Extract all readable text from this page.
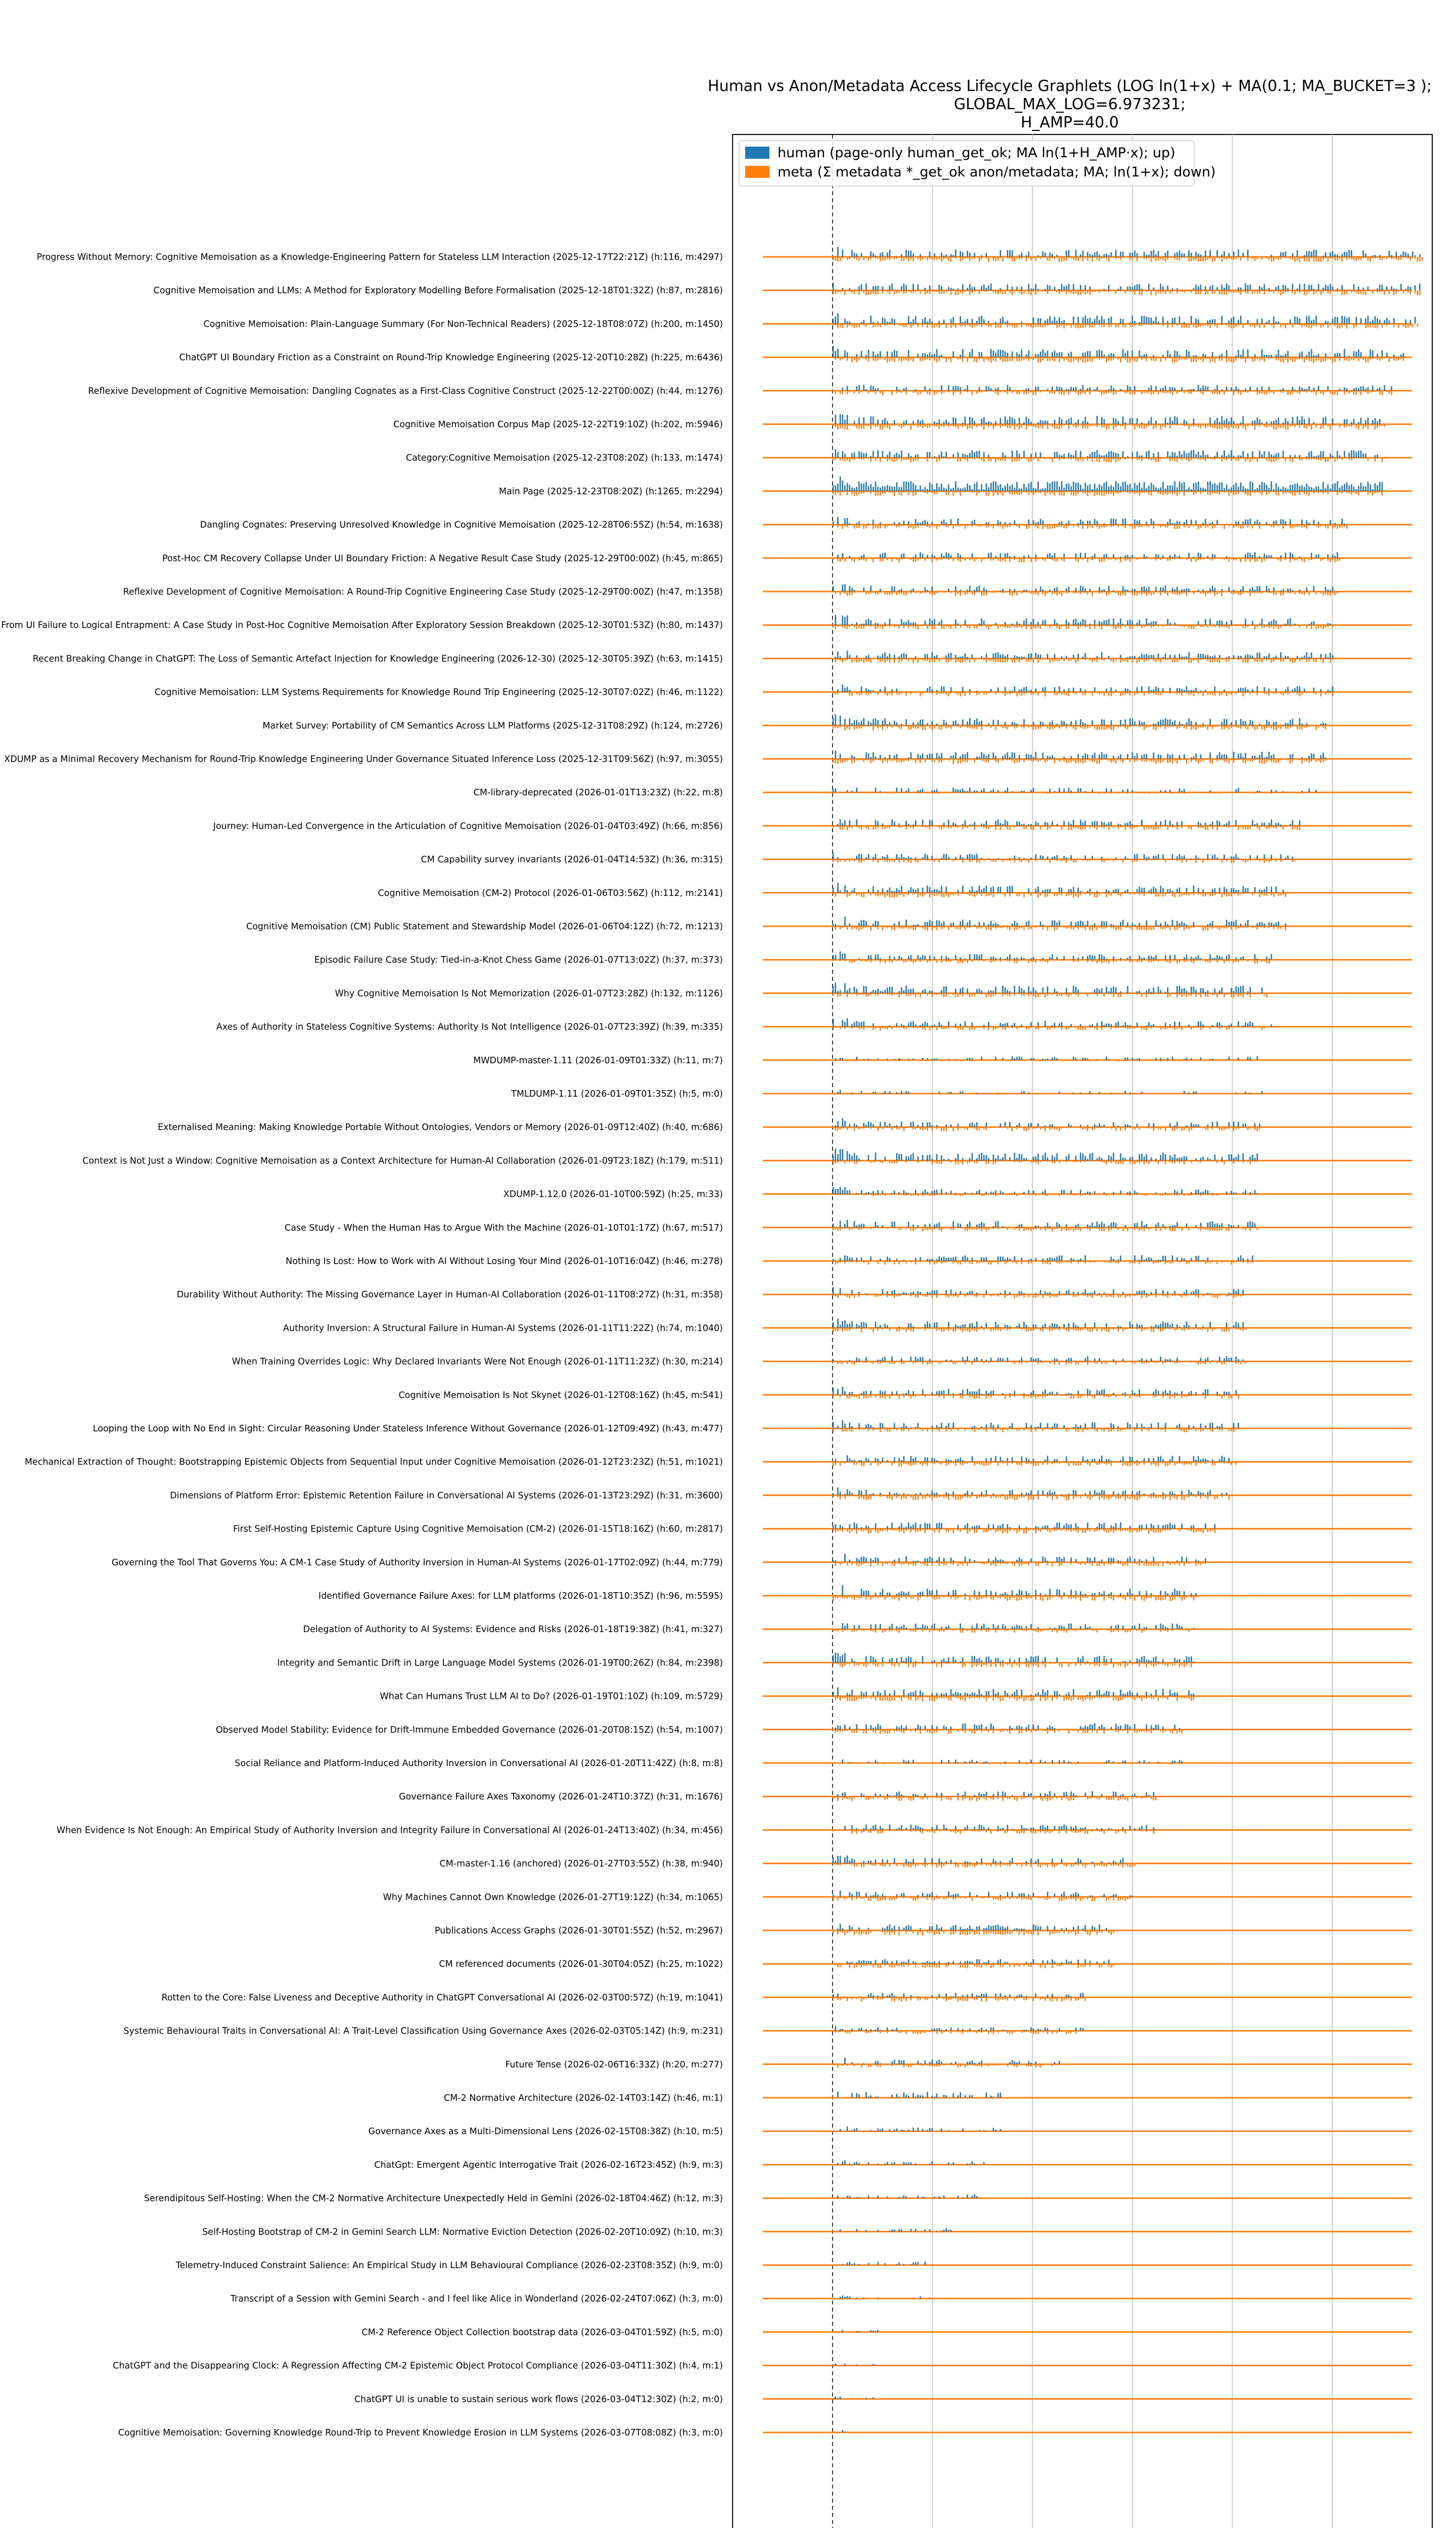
Human vs Anon/Metadata Access Lifecycle Graphlets (LOG ln(1+x) + MA(0.1; MA_BUCKET=3 );
GLOBAL_MAX_LOG=6.973231;
H_AMP=40.0
Progress Without Memory: Cognitive Memoisation as a Knowledge-Engineering Pattern for Stateless LLM Interaction (2025-12-17T22:21Z) (h:116, m:4297)
Cognitive Memoisation and LLMs: A Method for Exploratory Modelling Before Formalisation (2025-12-18T01:32Z) (h:87, m:2816)
Cognitive Memoisation: Plain-Language Summary (For Non-Technical Readers) (2025-12-18T08:07Z) (h:200, m:1450)
ChatGPT UI Boundary Friction as a Constraint on Round-Trip Knowledge Engineering (2025-12-20T10:28Z) (h:225, m:6436)
Reflexive Development of Cognitive Memoisation: Dangling Cognates as a First-Class Cognitive Construct (2025-12-22T00:00Z) (h:44, m:1276)
Cognitive Memoisation Corpus Map (2025-12-22T19:10Z) (h:202, m:5946)
Category:Cognitive Memoisation (2025-12-23T08:20Z) (h:133, m:1474)
Main Page (2025-12-23T08:20Z) (h:1265, m:2294)
Dangling Cognates: Preserving Unresolved Knowledge in Cognitive Memoisation (2025-12-28T06:55Z) (h:54, m:1638)
Post-Hoc CM Recovery Collapse Under UI Boundary Friction: A Negative Result Case Study (2025-12-29T00:00Z) (h:45, m:865)
Reflexive Development of Cognitive Memoisation: A Round-Trip Cognitive Engineering Case Study (2025-12-29T00:00Z) (h:47, m:1358)
From UI Failure to Logical Entrapment: A Case Study in Post-Hoc Cognitive Memoisation After Exploratory Session Breakdown (2025-12-30T01:53Z) (h:80, m:1437)
Recent Breaking Change in ChatGPT: The Loss of Semantic Artefact Injection for Knowledge Engineering (2026-12-30) (2025-12-30T05:39Z) (h:63, m:1415)
Cognitive Memoisation: LLM Systems Requirements for Knowledge Round Trip Engineering (2025-12-30T07:02Z) (h:46, m:1122)
Market Survey: Portability of CM Semantics Across LLM Platforms (2025-12-31T08:29Z) (h:124, m:2726)
XDUMP as a Minimal Recovery Mechanism for Round-Trip Knowledge Engineering Under Governance Situated Inference Loss (2025-12-31T09:56Z) (h:97, m:3055)
CM-library-deprecated (2026-01-01T13:23Z) (h:22, m:8)
Journey: Human-Led Convergence in the Articulation of Cognitive Memoisation (2026-01-04T03:49Z) (h:66, m:856)
CM Capability survey invariants (2026-01-04T14:53Z) (h:36, m:315)
Cognitive Memoisation (CM-2) Protocol (2026-01-06T03:56Z) (h:112, m:2141)
Cognitive Memoisation (CM) Public Statement and Stewardship Model (2026-01-06T04:12Z) (h:72, m:1213)
Episodic Failure Case Study: Tied-in-a-Knot Chess Game (2026-01-07T13:02Z) (h:37, m:373)
Why Cognitive Memoisation Is Not Memorization (2026-01-07T23:28Z) (h:132, m:1126)
Axes of Authority in Stateless Cognitive Systems: Authority Is Not Intelligence (2026-01-07T23:39Z) (h:39, m:335)
MWDUMP-master-1.11 (2026-01-09T01:33Z) (h:11, m:7)
TMLDUMP-1.11 (2026-01-09T01:35Z) (h:5, m:0)
Externalised Meaning: Making Knowledge Portable Without Ontologies, Vendors or Memory (2026-01-09T12:40Z) (h:40, m:686)
Context is Not Just a Window: Cognitive Memoisation as a Context Architecture for Human-AI Collaboration (2026-01-09T23:18Z) (h:179, m:511)
XDUMP-1.12.0 (2026-01-10T00:59Z) (h:25, m:33)
Case Study - When the Human Has to Argue With the Machine (2026-01-10T01:17Z) (h:67, m:517)
Nothing Is Lost: How to Work with AI Without Losing Your Mind (2026-01-10T16:04Z) (h:46, m:278)
Durability Without Authority: The Missing Governance Layer in Human-AI Collaboration (2026-01-11T08:27Z) (h:31, m:358)
Authority Inversion: A Structural Failure in Human-AI Systems (2026-01-11T11:22Z) (h:74, m:1040)
When Training Overrides Logic: Why Declared Invariants Were Not Enough (2026-01-11T11:23Z) (h:30, m:214)
Cognitive Memoisation Is Not Skynet (2026-01-12T08:16Z) (h:45, m:541)
Looping the Loop with No End in Sight: Circular Reasoning Under Stateless Inference Without Governance (2026-01-12T09:49Z) (h:43, m:477)
Mechanical Extraction of Thought: Bootstrapping Epistemic Objects from Sequential Input under Cognitive Memoisation (2026-01-12T23:23Z) (h:51, m:1021)
Dimensions of Platform Error: Epistemic Retention Failure in Conversational AI Systems (2026-01-13T23:29Z) (h:31, m:3600)
First Self-Hosting Epistemic Capture Using Cognitive Memoisation (CM-2) (2026-01-15T18:16Z) (h:60, m:2817)
Governing the Tool That Governs You: A CM-1 Case Study of Authority Inversion in Human-AI Systems (2026-01-17T02:09Z) (h:44, m:779)
Identified Governance Failure Axes: for LLM platforms (2026-01-18T10:35Z) (h:96, m:5595)
Delegation of Authority to AI Systems: Evidence and Risks (2026-01-18T19:38Z) (h:41, m:327)
Integrity and Semantic Drift in Large Language Model Systems (2026-01-19T00:26Z) (h:84, m:2398)
What Can Humans Trust LLM AI to Do? (2026-01-19T01:10Z) (h:109, m:5729)
Observed Model Stability: Evidence for Drift-Immune Embedded Governance (2026-01-20T08:15Z) (h:54, m:1007)
Social Reliance and Platform-Induced Authority Inversion in Conversational AI (2026-01-20T11:42Z) (h:8, m:8)
Governance Failure Axes Taxonomy (2026-01-24T10:37Z) (h:31, m:1676)
When Evidence Is Not Enough: An Empirical Study of Authority Inversion and Integrity Failure in Conversational AI (2026-01-24T13:40Z) (h:34, m:456)
CM-master-1.16 (anchored) (2026-01-27T03:55Z) (h:38, m:940)
Why Machines Cannot Own Knowledge (2026-01-27T19:12Z) (h:34, m:1065)
Publications Access Graphs (2026-01-30T01:55Z) (h:52, m:2967)
CM referenced documents (2026-01-30T04:05Z) (h:25, m:1022)
Rotten to the Core: False Liveness and Deceptive Authority in ChatGPT Conversational AI (2026-02-03T00:57Z) (h:19, m:1041)
Systemic Behavioural Traits in Conversational AI: A Trait-Level Classification Using Governance Axes (2026-02-03T05:14Z) (h:9, m:231)
Future Tense (2026-02-06T16:33Z) (h:20, m:277)
CM-2 Normative Architecture (2026-02-14T03:14Z) (h:46, m:1)
Governance Axes as a Multi-Dimensional Lens (2026-02-15T08:38Z) (h:10, m:5)
ChatGpt: Emergent Agentic Interrogative Trait (2026-02-16T23:45Z) (h:9, m:3)
Serendipitous Self-Hosting: When the CM-2 Normative Architecture Unexpectedly Held in Gemini (2026-02-18T04:46Z) (h:12, m:3)
Self-Hosting Bootstrap of CM-2 in Gemini Search LLM: Normative Eviction Detection (2026-02-20T10:09Z) (h:10, m:3)
Telemetry-Induced Constraint Salience: An Empirical Study in LLM Behavioural Compliance (2026-02-23T08:35Z) (h:9, m:0)
Transcript of a Session with Gemini Search - and I feel like Alice in Wonderland (2026-02-24T07:06Z) (h:3, m:0)
CM-2 Reference Object Collection bootstrap data (2026-03-04T01:59Z) (h:5, m:0)
ChatGPT and the Disappearing Clock: A Regression Affecting CM-2 Epistemic Object Protocol Compliance (2026-03-04T11:30Z) (h:4, m:1)
ChatGPT UI is unable to sustain serious work flows (2026-03-04T12:30Z) (h:2, m:0)
Cognitive Memoisation: Governing Knowledge Round-Trip to Prevent Knowledge Erosion in LLM Systems (2026-03-07T08:08Z) (h:3, m:0)
human (page-only human_get_ok; MA ln(1+H_AMP·x); up)
meta (Σ metadata *_get_ok anon/metadata; MA; ln(1+x); down)
